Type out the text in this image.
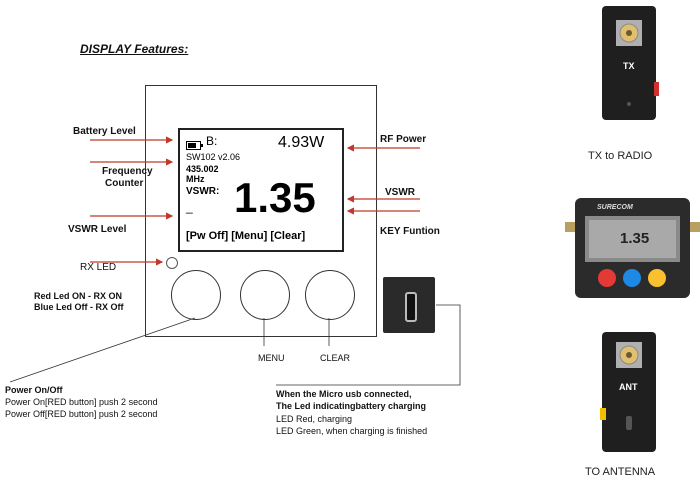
DISPLAY Features:
B:	4.93W
SW102 v2.06
435.002
MHz
VSWR: 1.35
_
[Pw Off] [Menu] [Clear]
Battery Level
Frequency
Counter
VSWR Level
RX LED
Red Led ON - RX ON
Blue Led Off - RX Off
RF Power
VSWR
KEY Funtion
MENU	CLEAR
Power On/Off
Power On[RED button] push 2 second
Power Off[RED button] push 2 second
When the Micro usb connected,
The Led indicatingbattery charging
LED Red, charging
LED Green, when charging is finished
TX
TX to RADIO
SURECOM
1.35
ANT
TO ANTENNA
